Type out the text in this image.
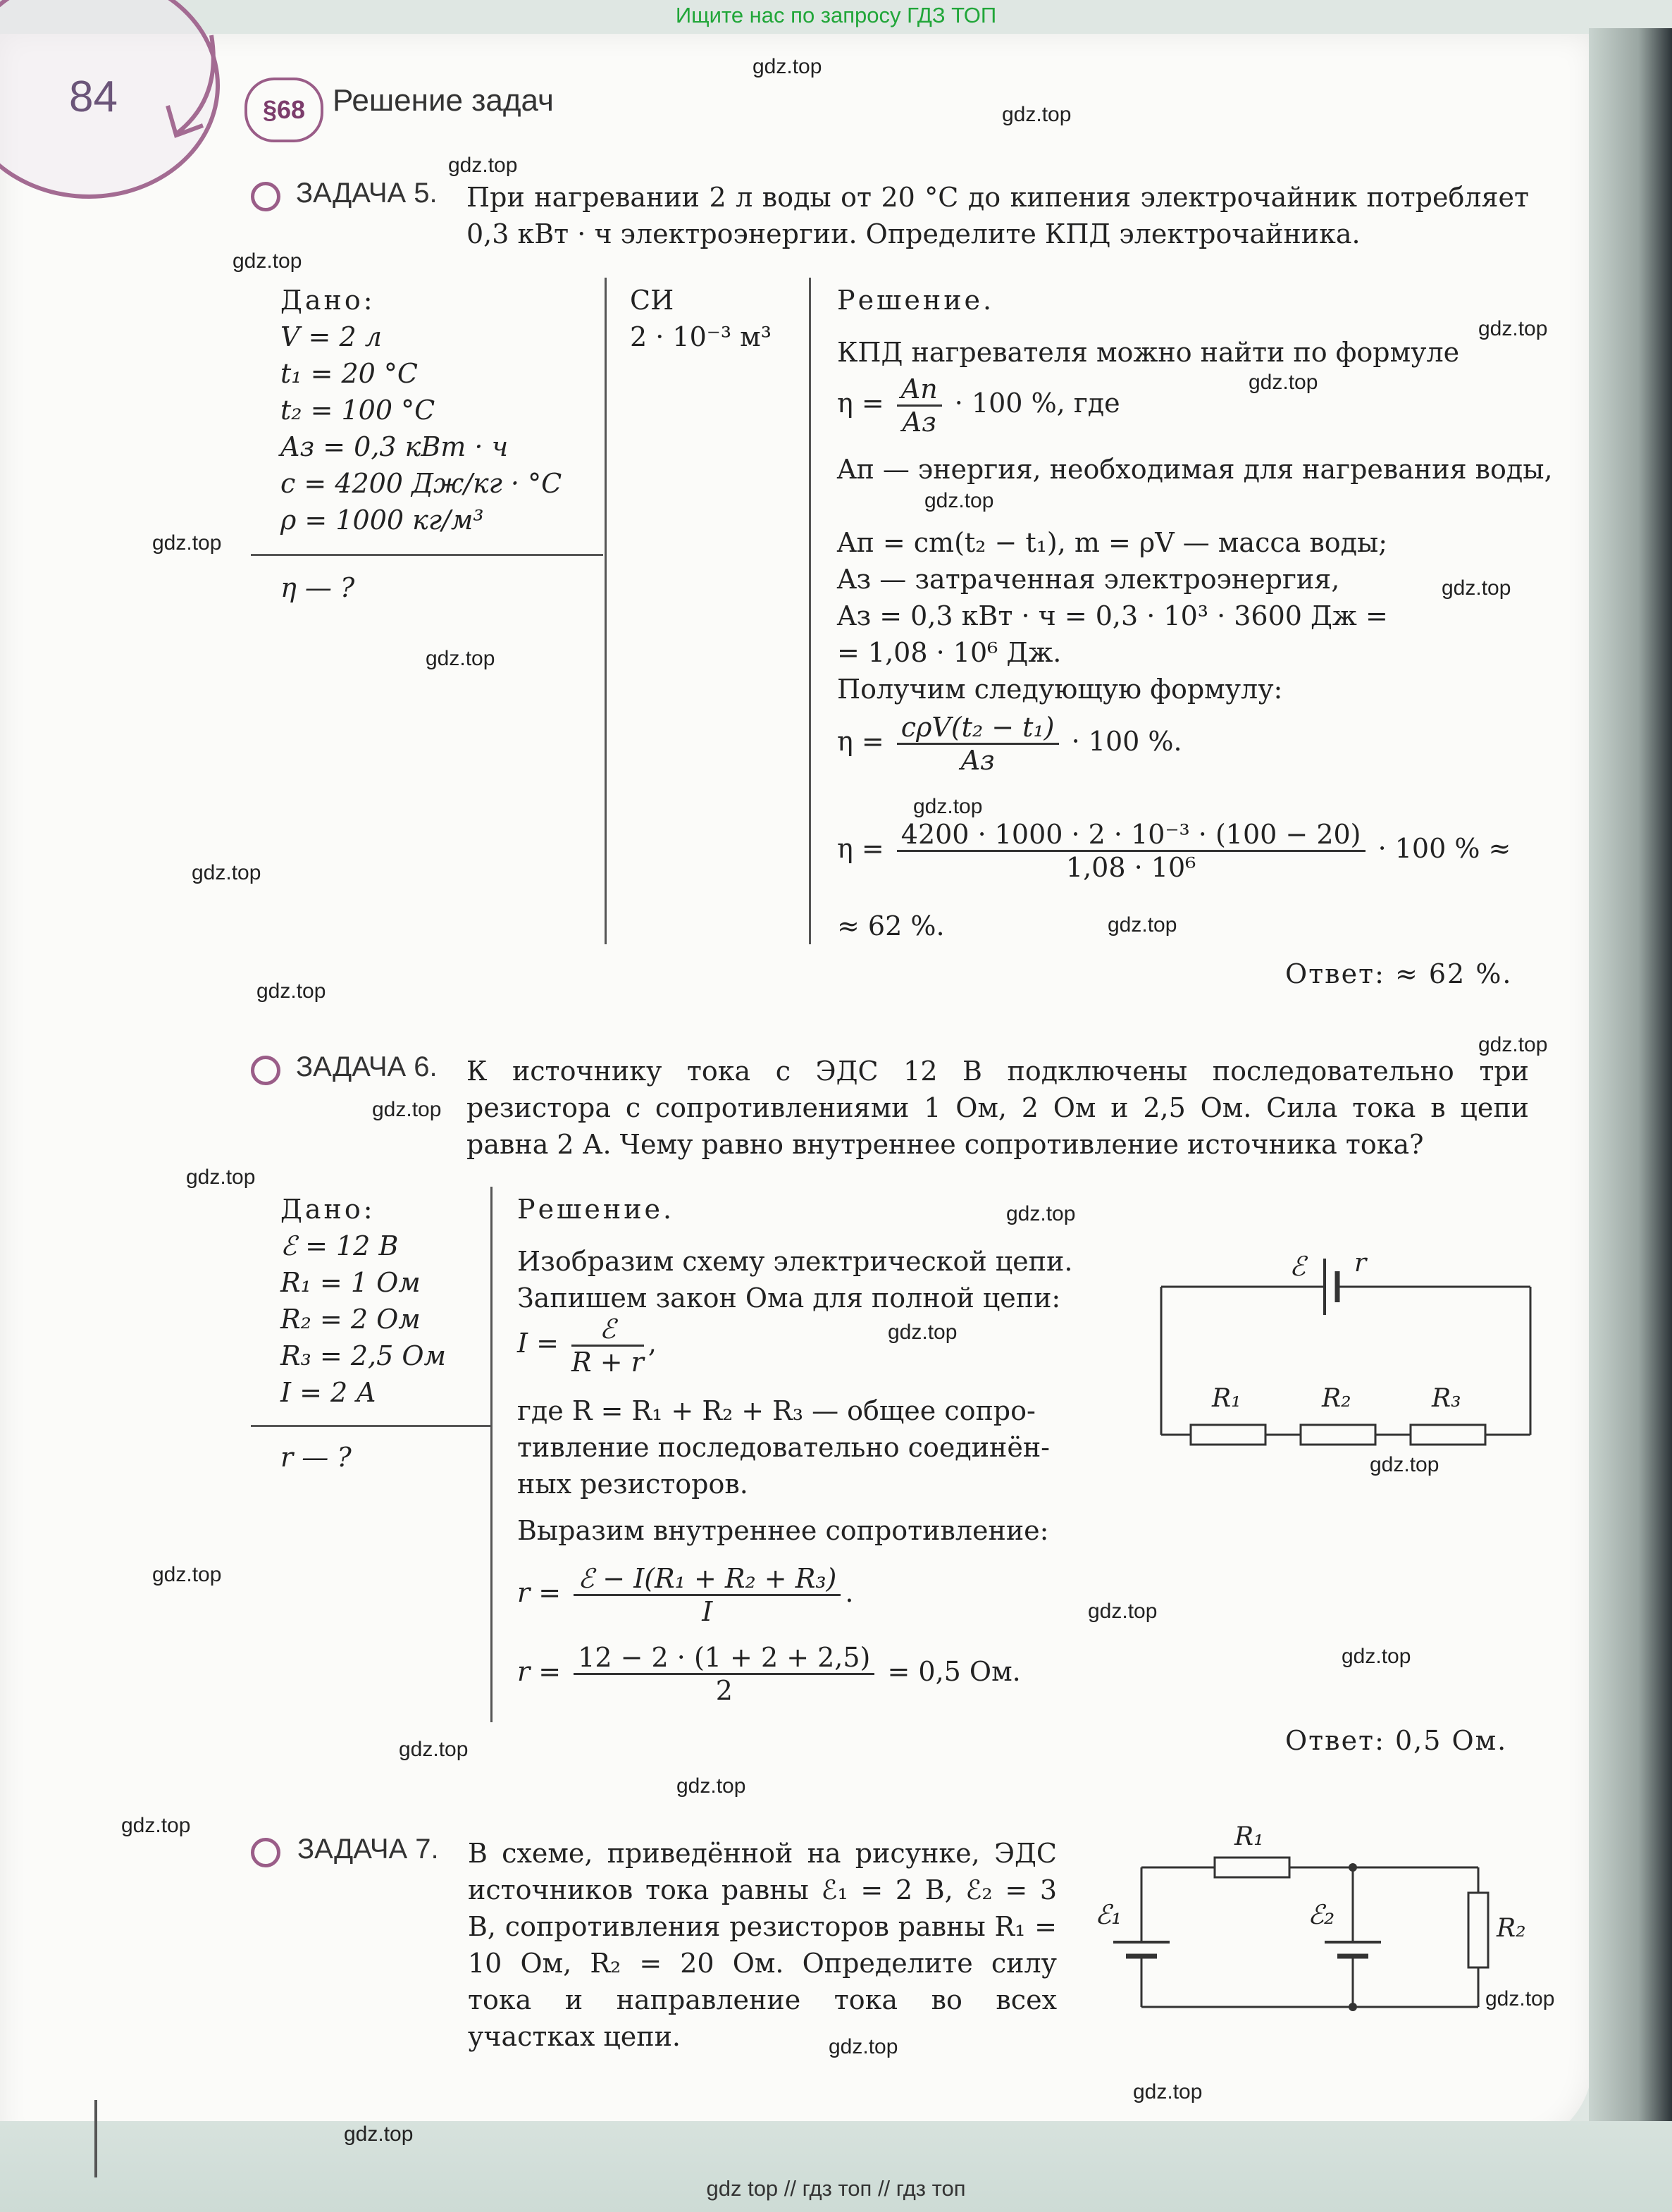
Ищите нас по запросу ГДЗ ТОП
84	§68 Решение задач
gdz.top
gdz.top
gdz.top
gdz.top
gdz.top
gdz.top
gdz.top
gdz.top
gdz.top
gdz.top
gdz.top
gdz.top
gdz.top
gdz.top
gdz.top
gdz.top
gdz.top
gdz.top
gdz.top
gdz.top
gdz.top
gdz.top
gdz.top
gdz.top
gdz.top
gdz.top
gdz.top
gdz.top
gdz.top
gdz.top
ЗАДАЧА 5. При нагревании 2 л воды от 20 °С до кипения электрочайник потребляет 0,3 кВт · ч электроэнергии. Определите КПД электрочайника.
Дано:
V = 2 л
t₁ = 20 °С
t₂ = 100 °С
Aз = 0,3 кВт · ч
c = 4200 Дж/кг · °С
ρ = 1000 кг/м³
η — ?
СИ
2 · 10⁻³ м³
Решение.
КПД нагревателя можно найти по формуле
$\eta = \frac{Aп}{Aз} \cdot 100$ %, где
Aп — энергия, необходимая для нагревания воды,
Aп = cm(t₂ − t₁), m = ρV — масса воды;
Aз — затраченная электроэнергия,
Aз = 0,3 кВт · ч = 0,3 · 10³ · 3600 Дж =
= 1,08 · 10⁶ Дж.
Получим следующую формулу:
$\eta = \frac{\text{cρV(t₂ − t₁)}}{Aз} \cdot 100$ %.
$\eta = \frac{\text{4200 · 1000 · 2 · 10⁻³ · (100 − 20)}}{\text{1,08 · 10⁶}} \cdot 100$ % ≈
≈ 62 %.
Ответ: ≈ 62 %.
ЗАДАЧА 6. К источнику тока с ЭДС 12 В подключены последовательно три резистора с сопротивлениями 1 Ом, 2 Ом и 2,5 Ом. Сила тока в цепи равна 2 А. Чему равно внутреннее сопротивление источника тока?
Дано:
ℰ = 12 В
R₁ = 1 Ом
R₂ = 2 Ом
R₃ = 2,5 Ом
I = 2 А
r — ?
Решение.
Изобразим схему электрической цепи.
Запишем закон Ома для полной цепи:
$I = \frac{\text{ℰ}}{R + r}$ ,
где R = R₁ + R₂ + R₃ — общее сопро-
тивление последовательно соединён-
ных резисторов.
Выразим внутреннее сопротивление:
$r = \frac{\text{ℰ − I(R₁ + R₂ + R₃)}}{I}$ .
$r = \frac{12 - 2 \cdot (1 + 2 + 2,5)}{2} = 0,5$ Ом.
Ответ: 0,5 Ом.
ℰ r
R₁	R₂	R₃
ЗАДАЧА 7. В схеме, приведённой на рисунке, ЭДС источников тока равны ℰ₁ = 2 В, ℰ₂ = 3 В, сопротивления резисторов равны R₁ = 10 Ом, R₂ = 20 Ом. Определите силу тока и направление тока во всех участках цепи.
R₁
ℰ₁	ℰ₂	R₂
gdz top // гдз топ // гдз топ
